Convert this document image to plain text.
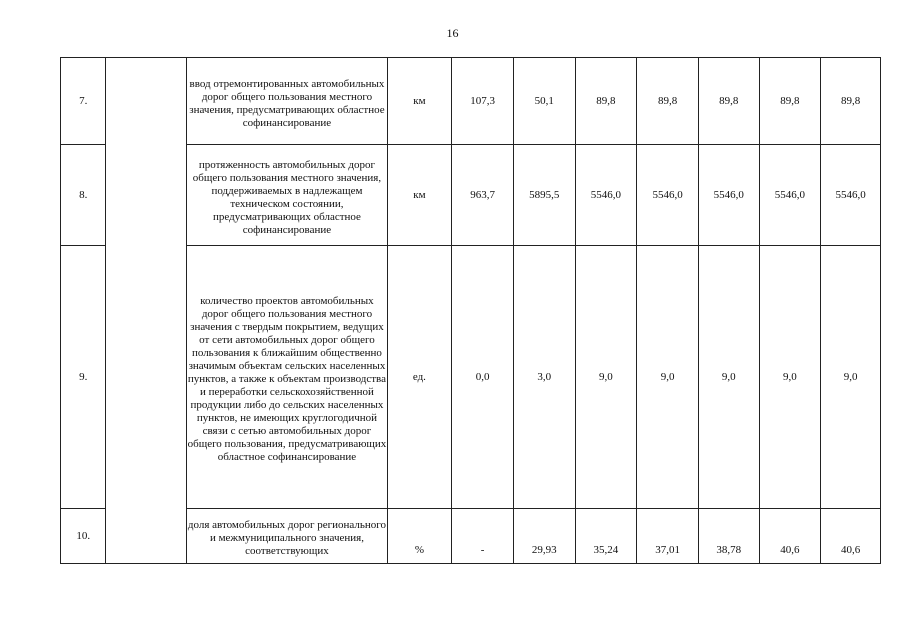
16
7.		ввод отремонтированных автомобильных дорог общего пользования местного значения, предусматривающих областное софинансирование	км	107,3	50,1	89,8	89,8	89,8	89,8	89,8
8.		протяженность автомобильных дорог общего пользования местного значения, поддерживаемых в надлежащем техническом состоянии, предусматривающих областное софинансирование	км	963,7	5895,5	5546,0	5546,0	5546,0	5546,0	5546,0
9.		количество проектов автомобильных дорог общего пользования местного значения с твердым покрытием, ведущих от сети автомобильных дорог общего пользования к ближайшим общественно значимым объектам сельских населенных пунктов, а также к объектам производства и переработки сельскохозяйственной продукции либо до сельских населенных пунктов, не имеющих круглогодичной связи с сетью автомобильных дорог общего пользования, предусматривающих областное софинансирование	ед.	0,0	3,0	9,0	9,0	9,0	9,0	9,0
10.		доля автомобильных дорог регионального и межмуниципального значения, соответствующих	%	-	29,93	35,24	37,01	38,78	40,6	40,6
